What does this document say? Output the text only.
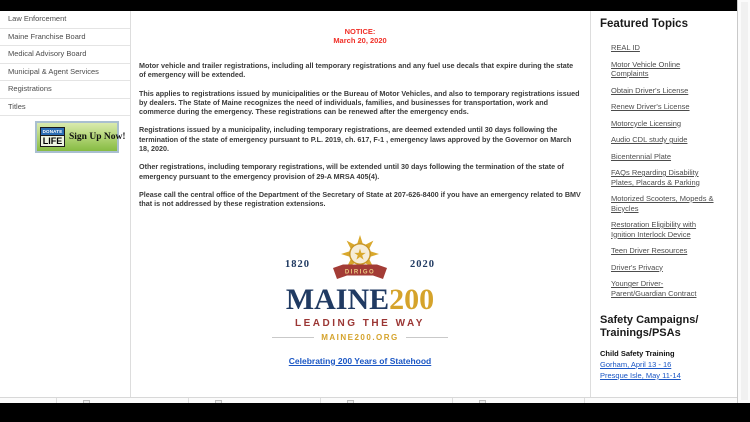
Law Enforcement
Maine Franchise Board
Medical Advisory Board
Municipal & Agent Services
Registrations
Titles
DONATE
LIFE Sign Up Now!
NOTICE:
March 20, 2020

Motor vehicle and trailer registrations, including all temporary registrations and any fuel use decals that expire during the state of emergency will be extended.

This applies to registrations issued by municipalities or the Bureau of Motor Vehicles, and also to temporary registrations issued by dealers. The State of Maine recognizes the need of individuals, families, and businesses for transportation, work and commerce during the emergency. These registrations can be renewed after the emergency ends.

Registrations issued by a municipality, including temporary registrations, are deemed extended until 30 days following the termination of the state of emergency pursuant to P.L. 2019, ch. 617, F-1 , emergency laws approved by the Governor on March 18, 2020.

Other registrations, including temporary registrations, will be extended until 30 days following the termination of the state of emergency pursuant to the emergency provision of 29-A MRSA 405(4).

Please call the central office of the Department of the Secretary of State at 207-626-8400 if you have an emergency related to BMV that is not addressed by these registration extensions.

1820
★
DIRIGO
2020
MAINE200
LEADING THE WAY
MAINE200.ORG
Celebrating 200 Years of Statehood
Featured Topics
REAL ID
Motor Vehicle Online Complaints
Obtain Driver's License
Renew Driver's License
Motorcycle Licensing
Audio CDL study guide
Bicentennial Plate
FAQs Regarding Disability Plates, Placards & Parking
Motorized Scooters, Mopeds & Bicycles
Restoration Eligibility with Ignition Interlock Device
Teen Driver Resources
Driver's Privacy
Younger Driver- Parent/Guardian Contract
Safety Campaigns/
Trainings/PSAs
Child Safety Training
Gorham, April 13 - 16
Presque Isle, May 11-14
